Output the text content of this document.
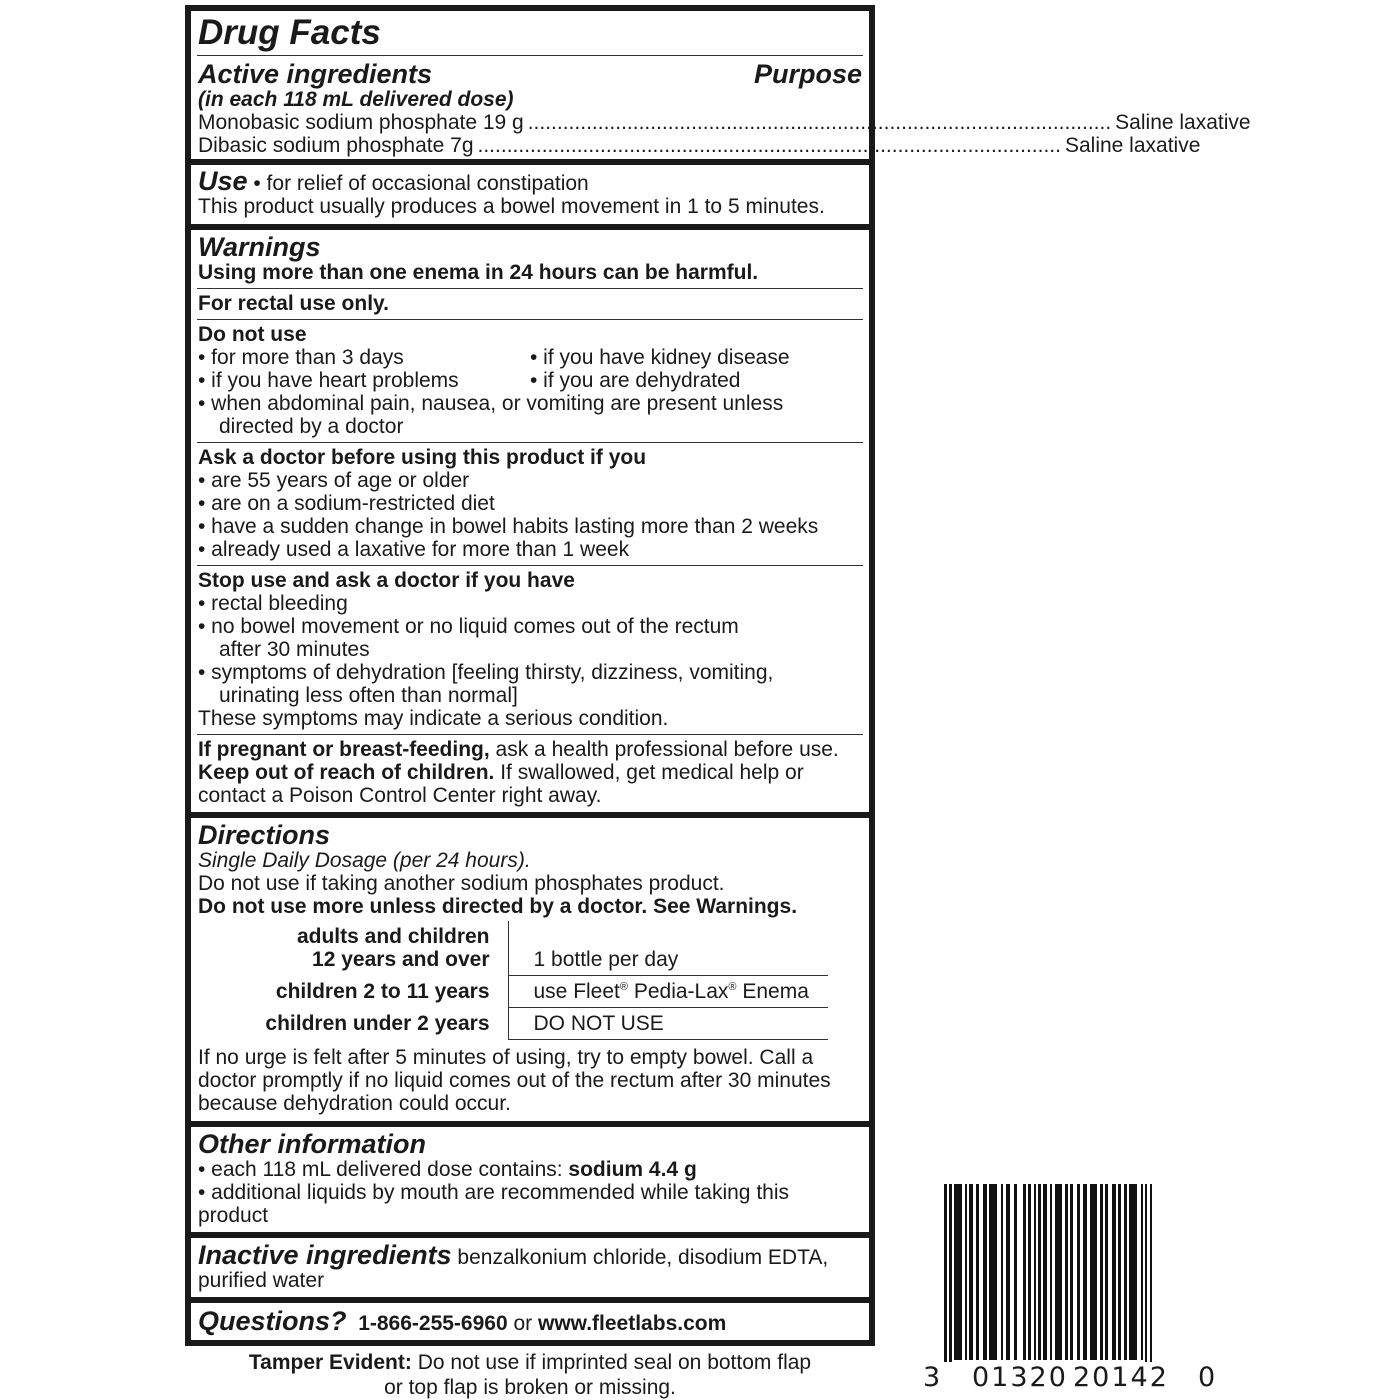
Drug Facts
Active ingredients	Purpose
(in each 118 mL delivered dose)
Monobasic sodium phosphate 19 g .................................................................................................... Saline laxative
Dibasic sodium phosphate 7g .................................................................................................... Saline laxative
Use • for relief of occasional constipation
This product usually produces a bowel movement in 1 to 5 minutes.
Warnings
Using more than one enema in 24 hours can be harmful.
For rectal use only.
Do not use
• for more than 3 days	• if you have kidney disease
• if you have heart problems	• if you are dehydrated
• when abdominal pain, nausea, or vomiting are present unless
directed by a doctor
Ask a doctor before using this product if you
• are 55 years of age or older
• are on a sodium-restricted diet
• have a sudden change in bowel habits lasting more than 2 weeks
• already used a laxative for more than 1 week
Stop use and ask a doctor if you have
• rectal bleeding
• no bowel movement or no liquid comes out of the rectum
after 30 minutes
• symptoms of dehydration [feeling thirsty, dizziness, vomiting,
urinating less often than normal]
These symptoms may indicate a serious condition.
If pregnant or breast-feeding, ask a health professional before use.
Keep out of reach of children. If swallowed, get medical help or contact a Poison Control Center right away.
Directions
Single Daily Dosage (per 24 hours).
Do not use if taking another sodium phosphates product.
Do not use more unless directed by a doctor. See Warnings.
adults and children
12 years and over	1 bottle per day
children 2 to 11 years	use Fleet® Pedia-Lax® Enema
children under 2 years	DO NOT USE
If no urge is felt after 5 minutes of using, try to empty bowel. Call a doctor promptly if no liquid comes out of the rectum after 30 minutes because dehydration could occur.
Other information
• each 118 mL delivered dose contains: sodium 4.4 g
• additional liquids by mouth are recommended while taking this product
Inactive ingredients benzalkonium chloride, disodium EDTA, purified water
Questions? 1-866-255-6960 or www.fleetlabs.com
Tamper Evident: Do not use if imprinted seal on bottom flap
or top flap is broken or missing.	3 01320 20142 0
